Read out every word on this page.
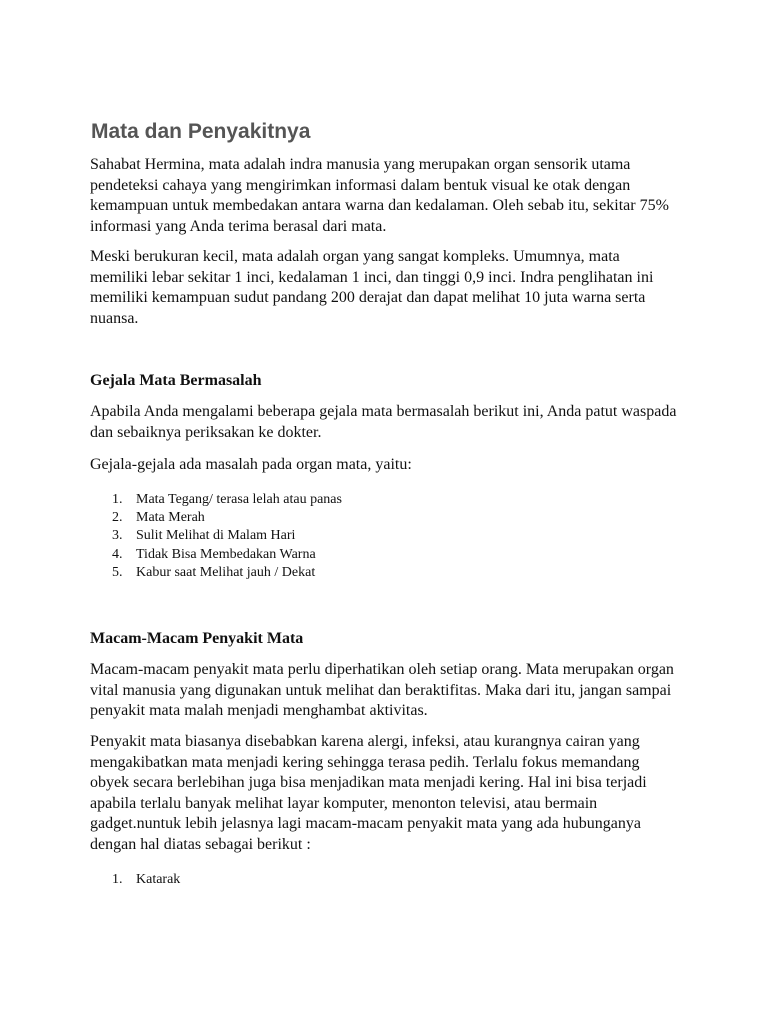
Mata dan Penyakitnya

Sahabat Hermina, mata adalah indra manusia yang merupakan organ sensorik utama pendeteksi cahaya yang mengirimkan informasi dalam bentuk visual ke otak dengan kemampuan untuk membedakan antara warna dan kedalaman. Oleh sebab itu, sekitar 75% informasi yang Anda terima berasal dari mata.

Meski berukuran kecil, mata adalah organ yang sangat kompleks. Umumnya, mata memiliki lebar sekitar 1 inci, kedalaman 1 inci, dan tinggi 0,9 inci. Indra penglihatan ini memiliki kemampuan sudut pandang 200 derajat dan dapat melihat 10 juta warna serta nuansa.

Gejala Mata Bermasalah

Apabila Anda mengalami beberapa gejala mata bermasalah berikut ini, Anda patut waspada dan sebaiknya periksakan ke dokter.

Gejala-gejala ada masalah pada organ mata, yaitu:

1. Mata Tegang/ terasa lelah atau panas
2. Mata Merah
3. Sulit Melihat di Malam Hari
4. Tidak Bisa Membedakan Warna
5. Kabur saat Melihat jauh / Dekat
Macam-Macam Penyakit Mata

Macam-macam penyakit mata perlu diperhatikan oleh setiap orang. Mata merupakan organ vital manusia yang digunakan untuk melihat dan beraktifitas. Maka dari itu, jangan sampai penyakit mata malah menjadi menghambat aktivitas.

Penyakit mata biasanya disebabkan karena alergi, infeksi, atau kurangnya cairan yang mengakibatkan mata menjadi kering sehingga terasa pedih. Terlalu fokus memandang obyek secara berlebihan juga bisa menjadikan mata menjadi kering. Hal ini bisa terjadi apabila terlalu banyak melihat layar komputer, menonton televisi, atau bermain gadget.nuntuk lebih jelasnya lagi macam-macam penyakit mata yang ada hubunganya dengan hal diatas sebagai berikut :

1. Katarak
